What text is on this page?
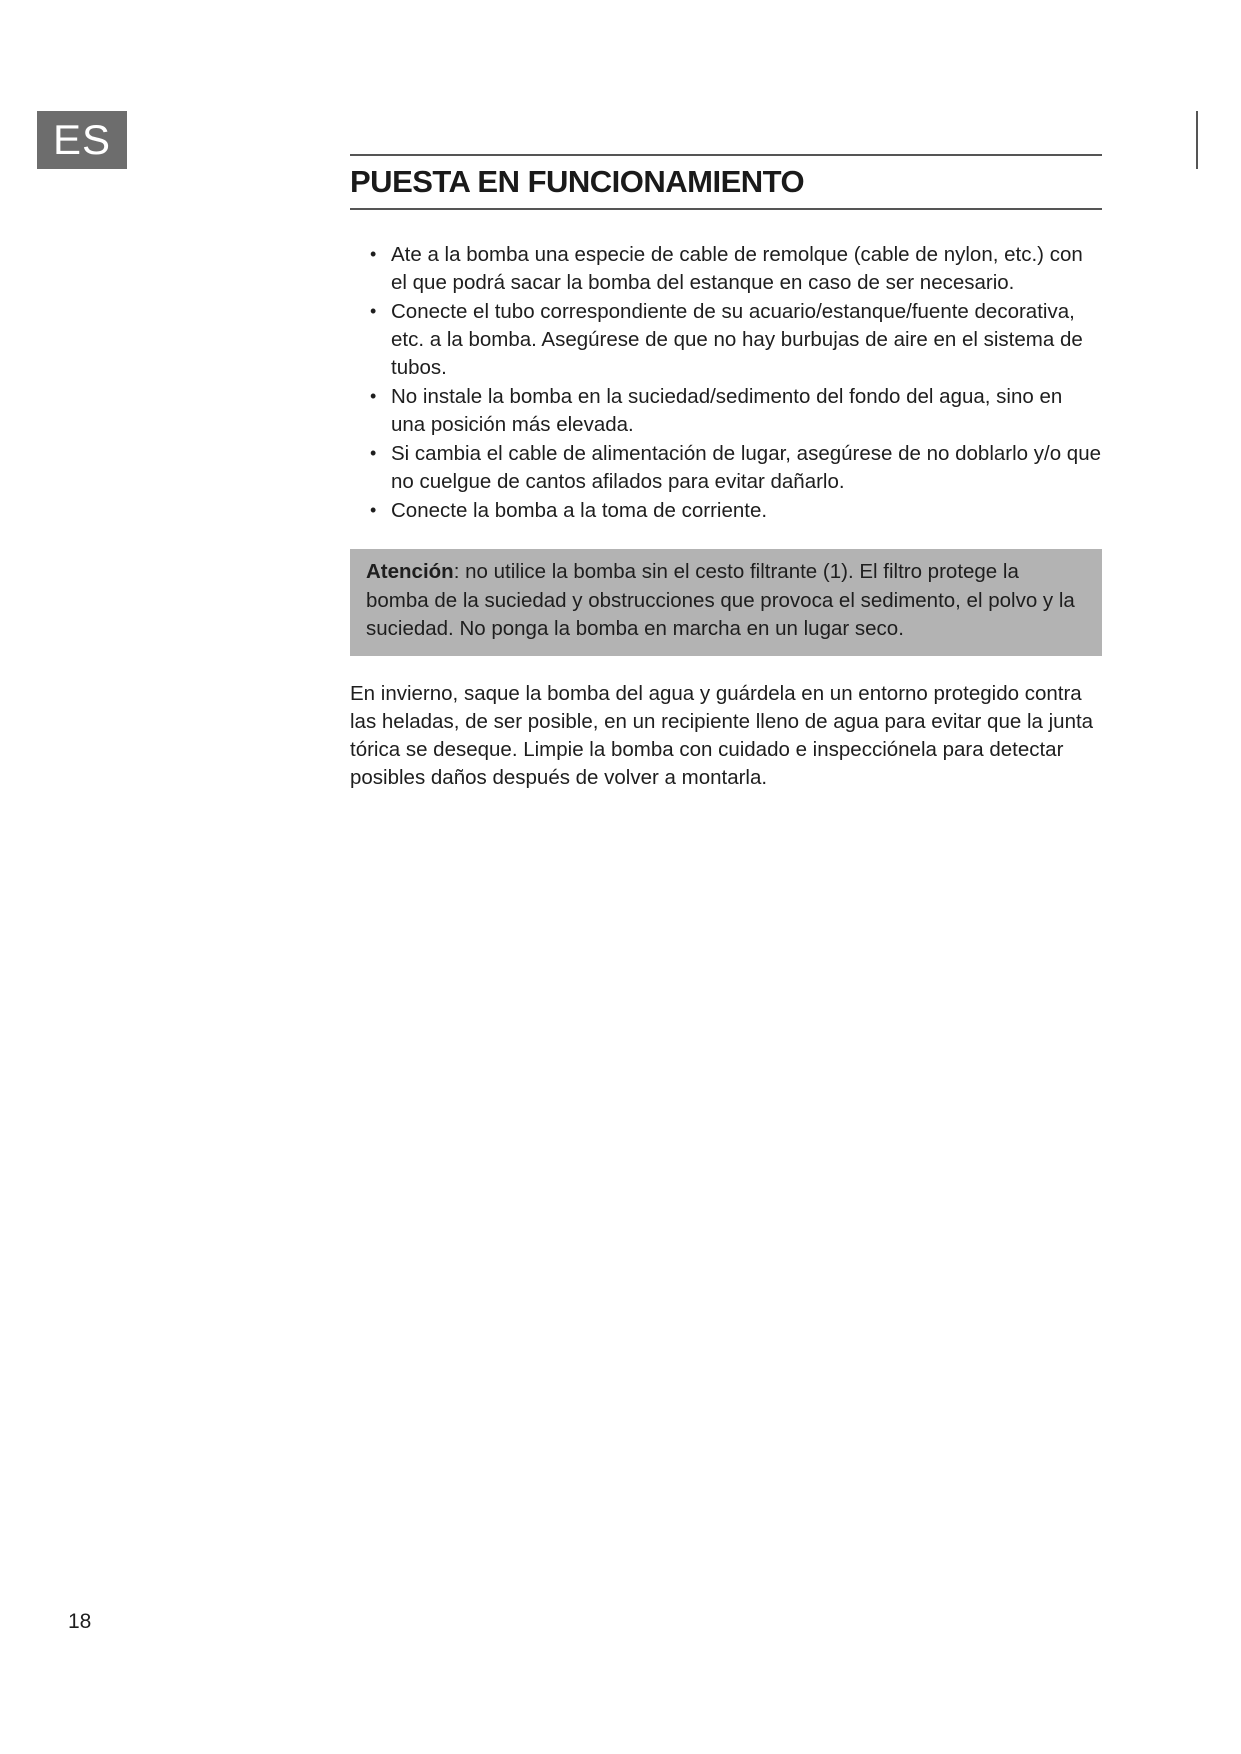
ES
PUESTA EN FUNCIONAMIENTO
• Ate a la bomba una especie de cable de remolque (cable de nylon, etc.) con el que podrá sacar la bomba del estanque en caso de ser necesario.
• Conecte el tubo correspondiente de su acuario/estanque/fuente decorativa, etc. a la bomba. Asegúrese de que no hay burbujas de aire en el sistema de tubos.
• No instale la bomba en la suciedad/sedimento del fondo del agua, sino en una posición más elevada.
• Si cambia el cable de alimentación de lugar, asegúrese de no doblarlo y/o que no cuelgue de cantos afilados para evitar dañarlo.
• Conecte la bomba a la toma de corriente.
Atención: no utilice la bomba sin el cesto filtrante (1). El filtro protege la bomba de la suciedad y obstrucciones que provoca el sedimento, el polvo y la suciedad. No ponga la bomba en marcha en un lugar seco.
En invierno, saque la bomba del agua y guárdela en un entorno protegido contra las heladas, de ser posible, en un recipiente lleno de agua para evitar que la junta tórica se deseque. Limpie la bomba con cuidado e inspecciónela para detectar posibles daños después de volver a montarla.
18
